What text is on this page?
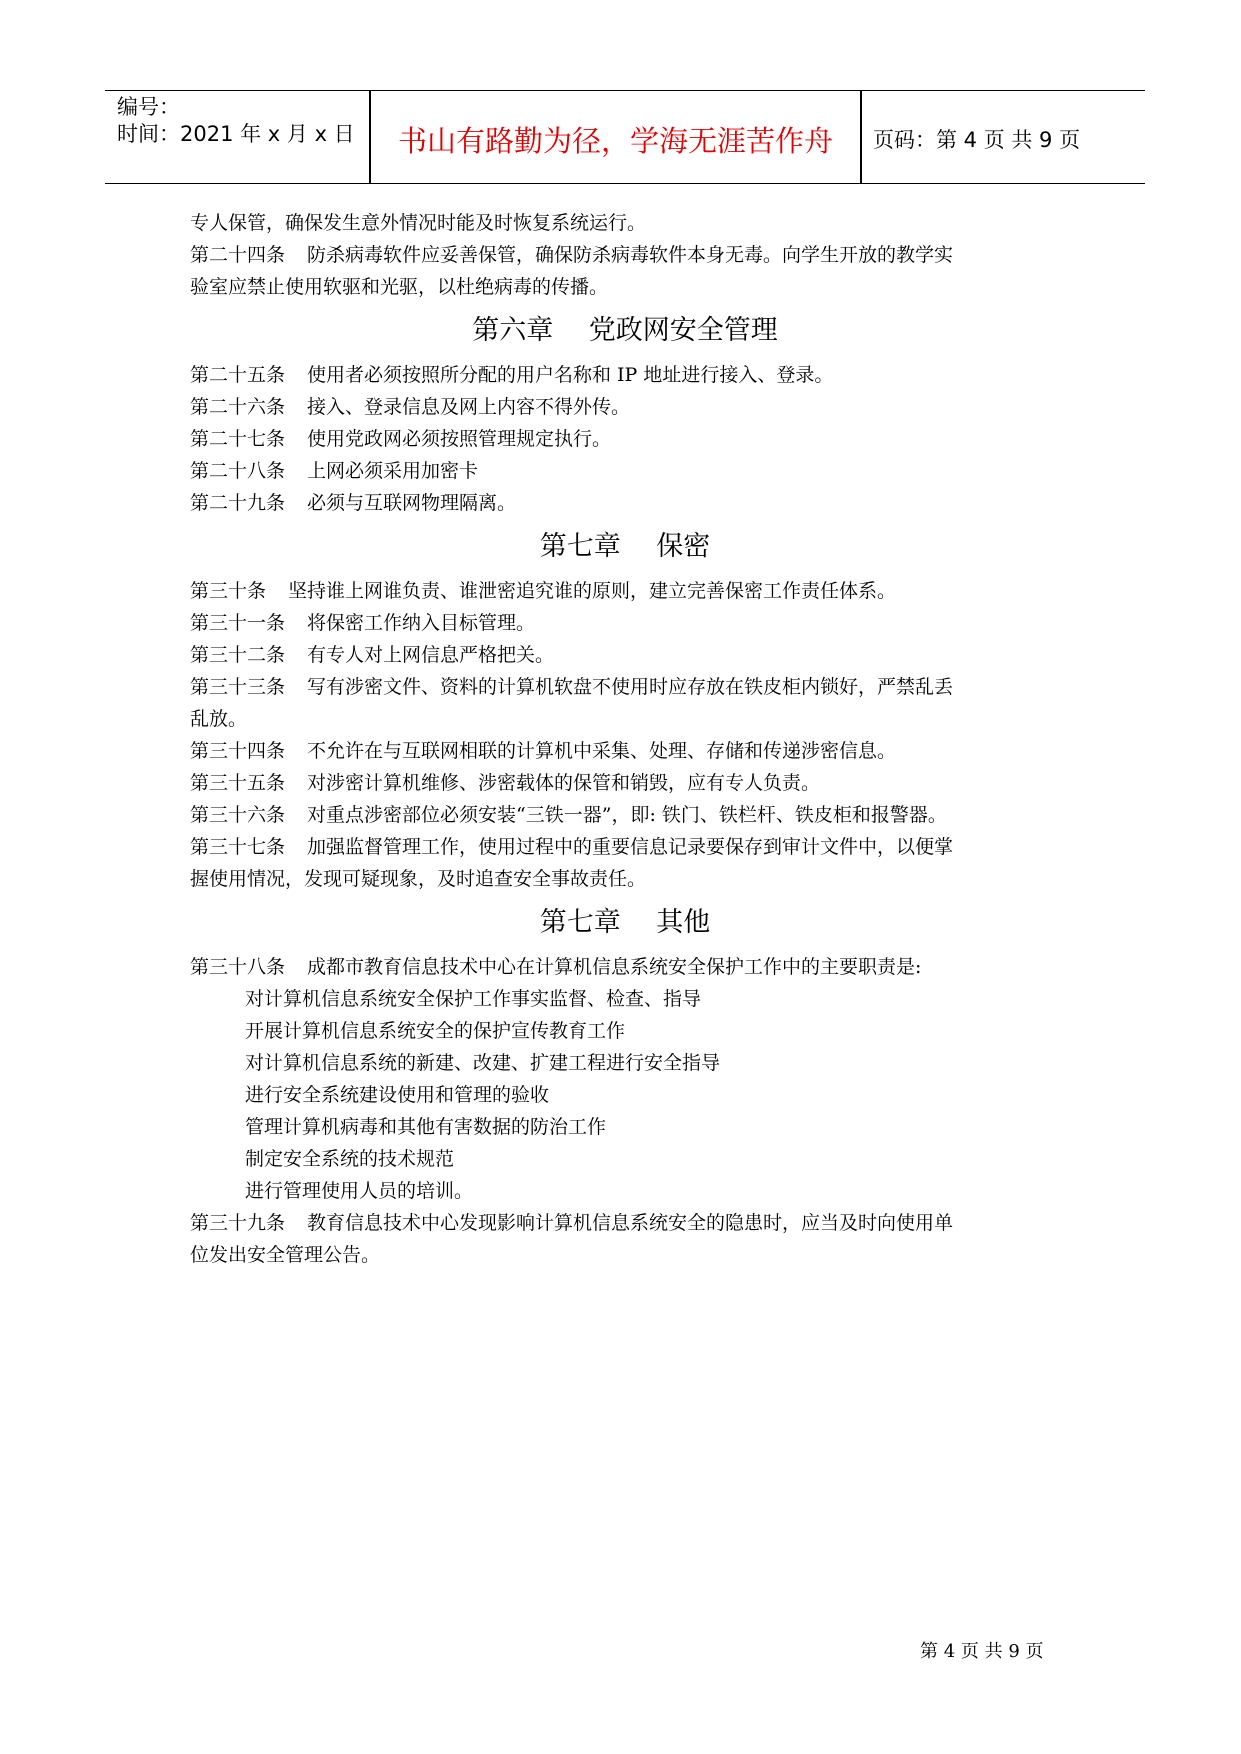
编号：
时间：2021 年 x 月 x 日	书山有路勤为径，学海无涯苦作舟	页码：第 4 页 共 9 页
专人保管，确保发生意外情况时能及时恢复系统运行。
第二十四条 防杀病毒软件应妥善保管，确保防杀病毒软件本身无毒。向学生开放的教学实
验室应禁止使用软驱和光驱，以杜绝病毒的传播。
第六章　 党政网安全管理
第二十五条 使用者必须按照所分配的用户名称和 IP 地址进行接入、登录。
第二十六条 接入、登录信息及网上内容不得外传。
第二十七条 使用党政网必须按照管理规定执行。
第二十八条 上网必须采用加密卡
第二十九条 必须与互联网物理隔离。
第七章　 保密
第三十条 坚持谁上网谁负责、谁泄密追究谁的原则，建立完善保密工作责任体系。
第三十一条 将保密工作纳入目标管理。
第三十二条 有专人对上网信息严格把关。
第三十三条 写有涉密文件、资料的计算机软盘不使用时应存放在铁皮柜内锁好，严禁乱丢
乱放。
第三十四条 不允许在与互联网相联的计算机中采集、处理、存储和传递涉密信息。
第三十五条 对涉密计算机维修、涉密载体的保管和销毁，应有专人负责。
第三十六条 对重点涉密部位必须安装“三铁一器”，即: 铁门、铁栏杆、铁皮柜和报警器。
第三十七条 加强监督管理工作，使用过程中的重要信息记录要保存到审计文件中，以便掌
握使用情况，发现可疑现象，及时追查安全事故责任。
第七章　 其他
第三十八条 成都市教育信息技术中心在计算机信息系统安全保护工作中的主要职责是:
对计算机信息系统安全保护工作事实监督、检查、指导
开展计算机信息系统安全的保护宣传教育工作
对计算机信息系统的新建、改建、扩建工程进行安全指导
进行安全系统建设使用和管理的验收
管理计算机病毒和其他有害数据的防治工作
制定安全系统的技术规范
进行管理使用人员的培训。
第三十九条 教育信息技术中心发现影响计算机信息系统安全的隐患时，应当及时向使用单
位发出安全管理公告。
第 4 页 共 9 页
